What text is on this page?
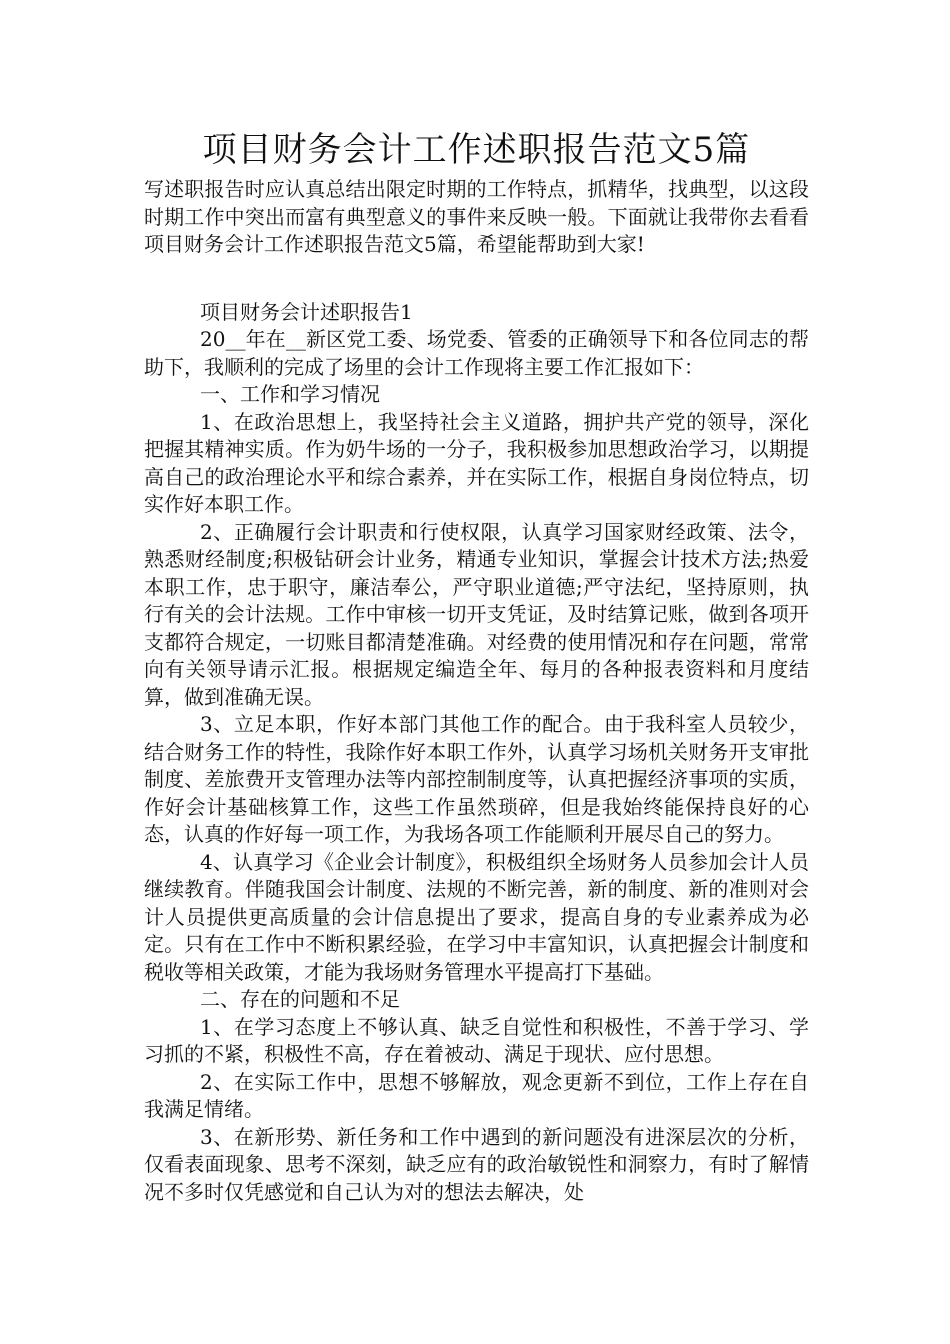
项目财务会计工作述职报告范文5篇

写述职报告时应认真总结出限定时期的工作特点，抓精华，找典型，以这段时期工作中突出而富有典型意义的事件来反映一般。下面就让我带你去看看项目财务会计工作述职报告范文5篇，希望能帮助到大家!

项目财务会计述职报告1

20__年在__新区党工委、场党委、管委的正确领导下和各位同志的帮助下，我顺利的完成了场里的会计工作现将主要工作汇报如下：

一、工作和学习情况

1、在政治思想上，我坚持社会主义道路，拥护共产党的领导，深化把握其精神实质。作为奶牛场的一分子，我积极参加思想政治学习，以期提高自己的政治理论水平和综合素养，并在实际工作，根据自身岗位特点，切实作好本职工作。

2、正确履行会计职责和行使权限，认真学习国家财经政策、法令，熟悉财经制度;积极钻研会计业务，精通专业知识，掌握会计技术方法;热爱本职工作，忠于职守，廉洁奉公，严守职业道德;严守法纪，坚持原则，执行有关的会计法规。工作中审核一切开支凭证，及时结算记账，做到各项开支都符合规定，一切账目都清楚准确。对经费的使用情况和存在问题，常常向有关领导请示汇报。根据规定编造全年、每月的各种报表资料和月度结算，做到准确无误。

3、立足本职，作好本部门其他工作的配合。由于我科室人员较少，结合财务工作的特性，我除作好本职工作外，认真学习场机关财务开支审批制度、差旅费开支管理办法等内部控制制度等，认真把握经济事项的实质，作好会计基础核算工作，这些工作虽然琐碎，但是我始终能保持良好的心态，认真的作好每一项工作，为我场各项工作能顺利开展尽自己的努力。

4、认真学习《企业会计制度》，积极组织全场财务人员参加会计人员继续教育。伴随我国会计制度、法规的不断完善，新的制度、新的准则对会计人员提供更高质量的会计信息提出了要求，提高自身的专业素养成为必定。只有在工作中不断积累经验，在学习中丰富知识，认真把握会计制度和税收等相关政策，才能为我场财务管理水平提高打下基础。

二、存在的问题和不足

1、在学习态度上不够认真、缺乏自觉性和积极性，不善于学习、学习抓的不紧，积极性不高，存在着被动、满足于现状、应付思想。

2、在实际工作中，思想不够解放，观念更新不到位，工作上存在自我满足情绪。

3、在新形势、新任务和工作中遇到的新问题没有进深层次的分析，仅看表面现象、思考不深刻，缺乏应有的政治敏锐性和洞察力，有时了解情况不多时仅凭感觉和自己认为对的想法去解决，处
